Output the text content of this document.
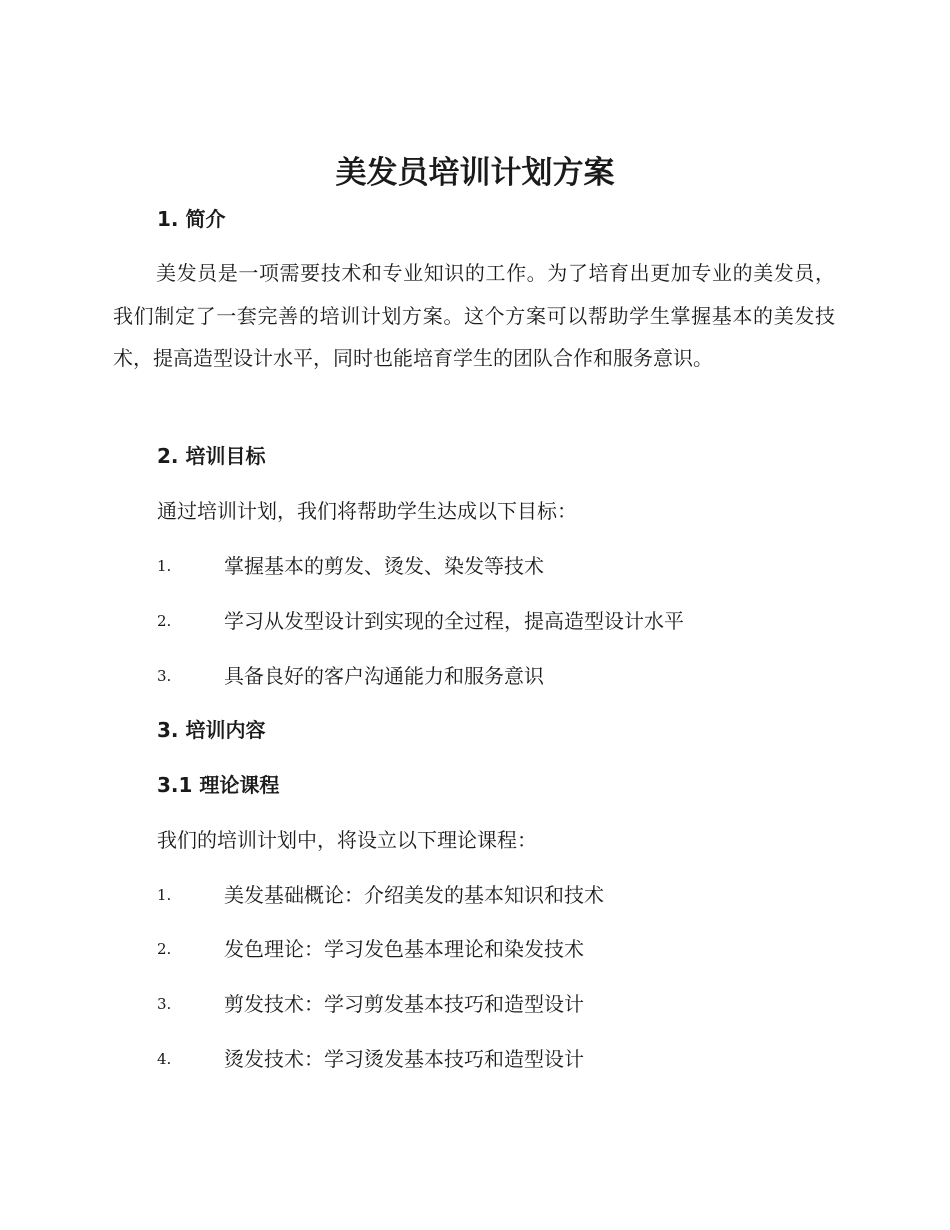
美发员培训计划方案
1. 简介

美发员是一项需要技术和专业知识的工作。为了培育出更加专业的美发员，我们制定了一套完善的培训计划方案。这个方案可以帮助学生掌握基本的美发技术，提高造型设计水平，同时也能培育学生的团队合作和服务意识。

2. 培训目标

通过培训计划，我们将帮助学生达成以下目标：

1.	掌握基本的剪发、烫发、染发等技术
2.	学习从发型设计到实现的全过程，提高造型设计水平
3.	具备良好的客户沟通能力和服务意识
3. 培训内容
3.1 理论课程

我们的培训计划中，将设立以下理论课程：

1.	美发基础概论：介绍美发的基本知识和技术
2.	发色理论：学习发色基本理论和染发技术
3.	剪发技术：学习剪发基本技巧和造型设计
4.	烫发技术：学习烫发基本技巧和造型设计
